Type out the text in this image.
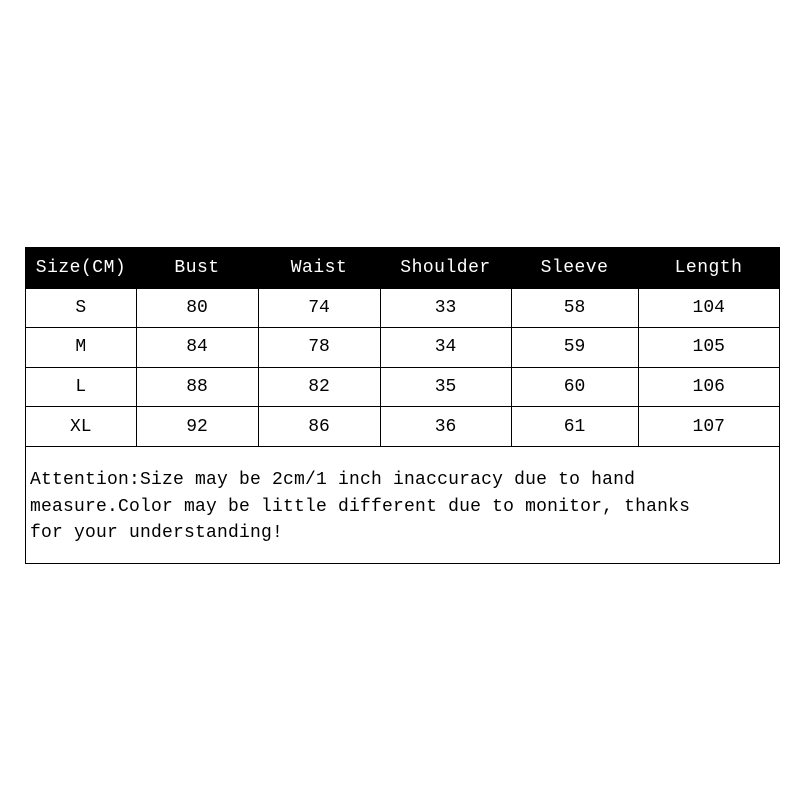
Size(CM)	Bust	Waist	Shoulder	Sleeve	Length
S	80	74	33	58	104
M	84	78	34	59	105
L	88	82	35	60	106
XL	92	86	36	61	107
Attention:Size may be 2cm/1 inch inaccuracy due to hand
measure.Color may be little different due to monitor, thanks
for your understanding!
